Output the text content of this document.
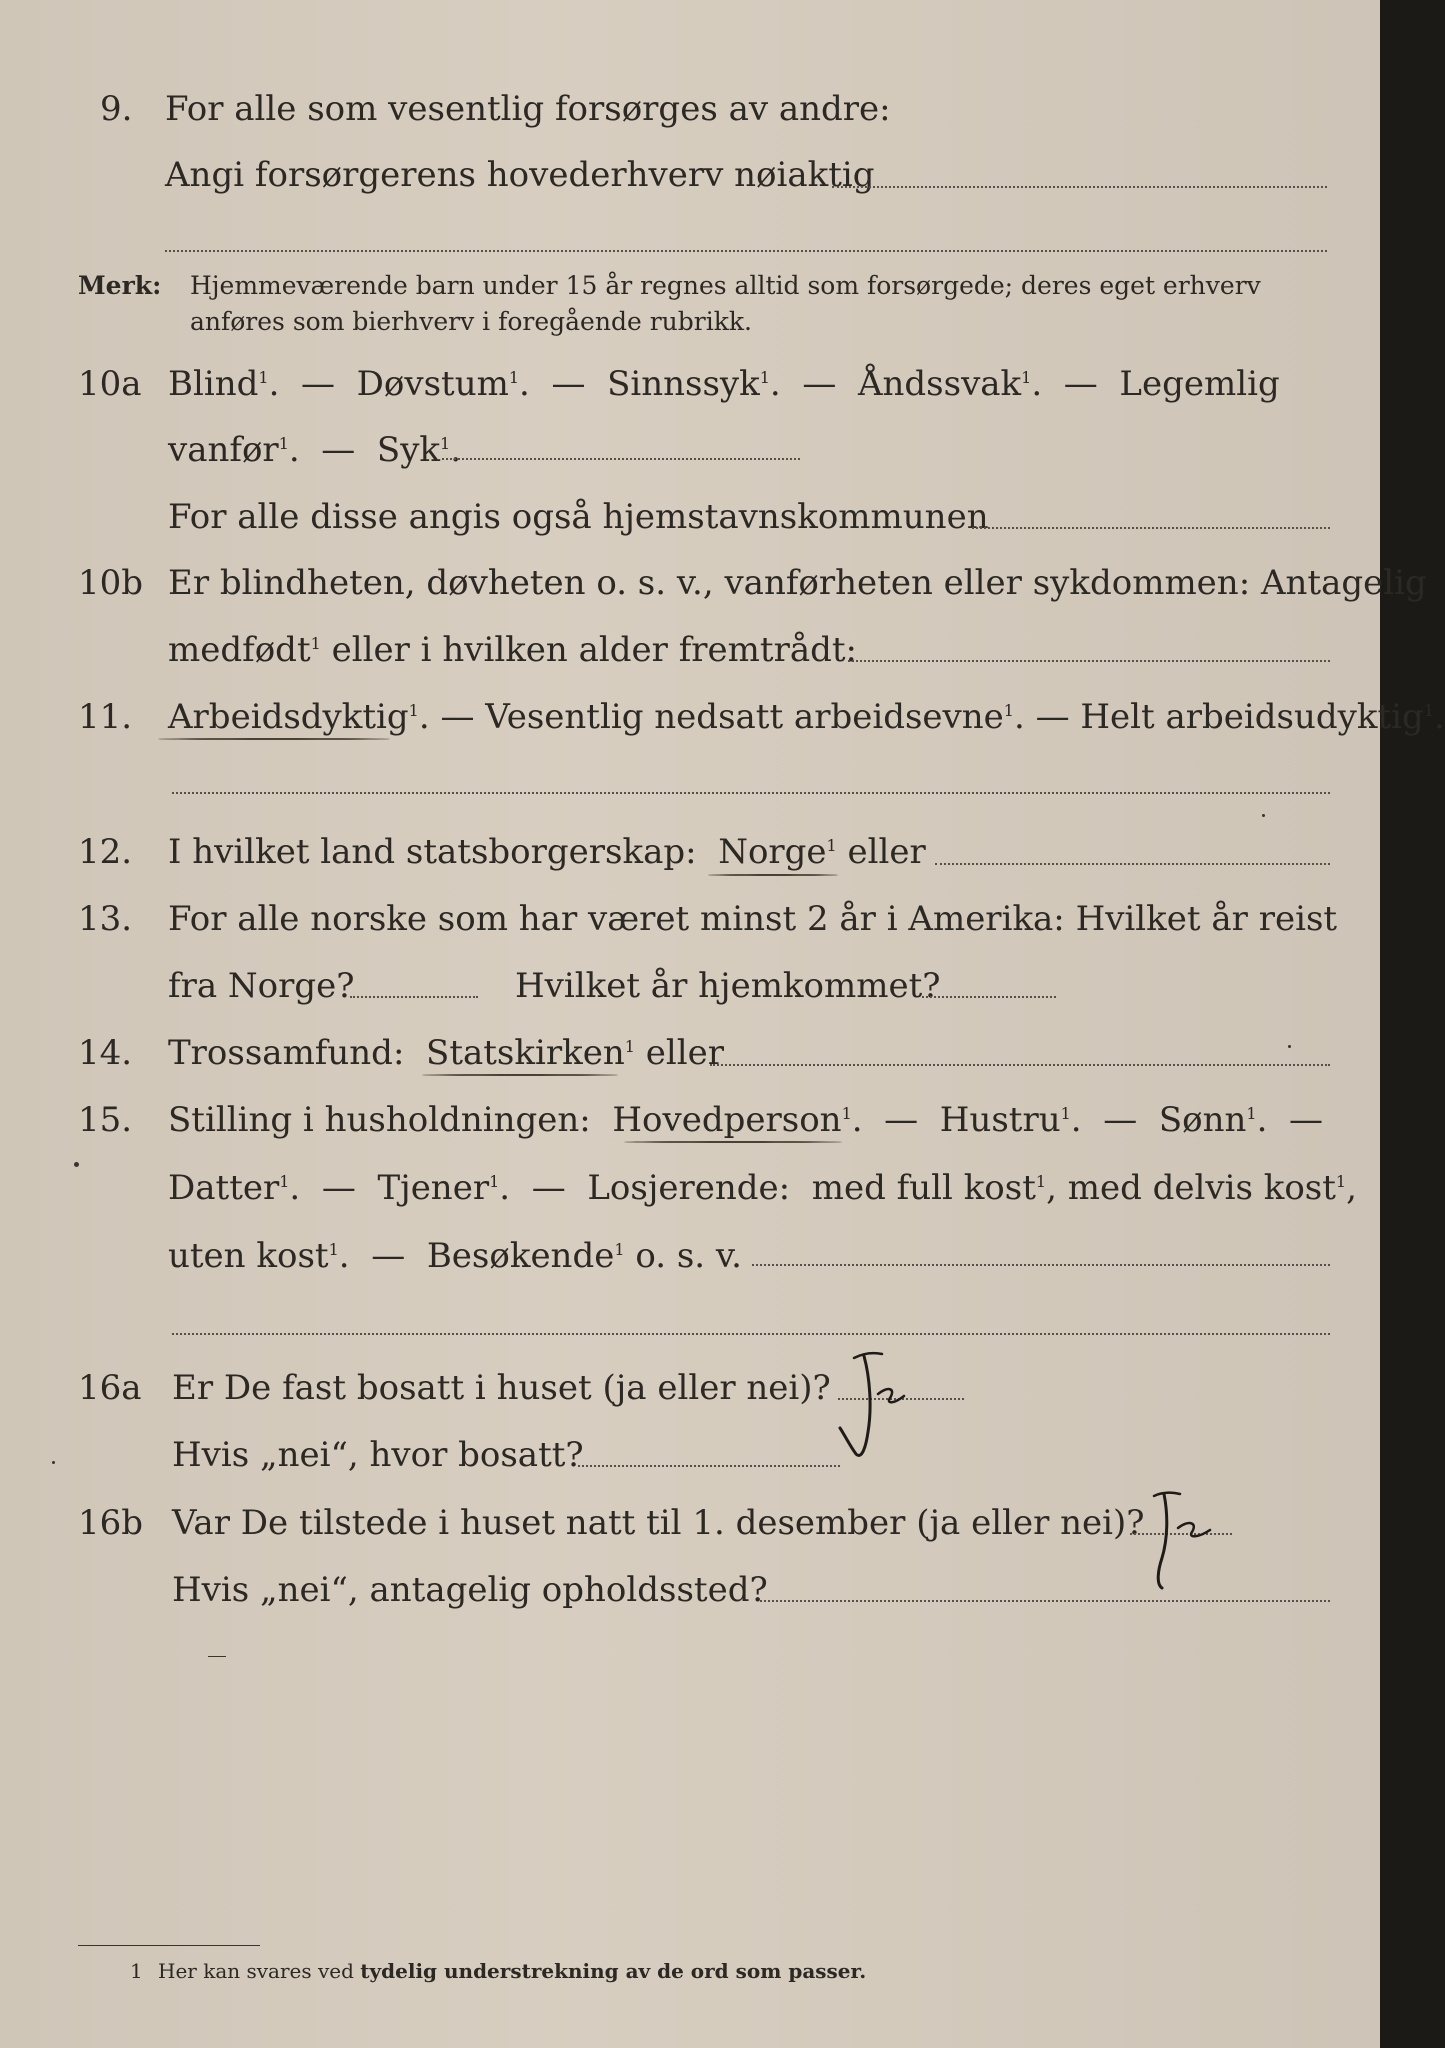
9. For alle som vesentlig forsørges av andre:
Angi forsørgerens hovederhverv nøiaktig
Merk: Hjemmeværende barn under 15 år regnes alltid som forsørgede; deres eget erhverv
anføres som bierhverv i foregående rubrikk.
10a Blind$^1$.  —  Døvstum$^1$.  —  Sinnssyk$^1$.  —  Åndssvak$^1$.  —  Legemlig
vanfør$^1$.  —  Syk$^1$.
For alle disse angis også hjemstavnskommunen
10b Er blindheten, døvheten o. s. v., vanførheten eller sykdommen: Antagelig
medfødt$^1$ eller i hvilken alder fremtrådt:
11. Arbeidsdyktig$^1$. — Vesentlig nedsatt arbeidsevne$^1$. — Helt arbeidsudyktig$^1$.
12. I hvilket land statsborgerskap: Norge$^1$ eller
13. For alle norske som har været minst 2 år i Amerika: Hvilket år reist
fra Norge?	Hvilket år hjemkommet?
14. Trossamfund: Statskirken$^1$ eller
15. Stilling i husholdningen: Hovedperson$^1$.  —  Hustru$^1$.  —  Sønn$^1$.  —
Datter$^1$.  —  Tjener$^1$.  —  Losjerende: med full kost$^1$, med delvis kost$^1$,
uten kost$^1$.  —  Besøkende$^1$ o. s. v.
16a Er De fast bosatt i huset (ja eller nei)?
Hvis „nei“, hvor bosatt?
16b Var De tilstede i huset natt til 1. desember (ja eller nei)?
Hvis „nei“, antagelig opholdssted?
1 Her kan svares ved tydelig understrekning av de ord som passer.
